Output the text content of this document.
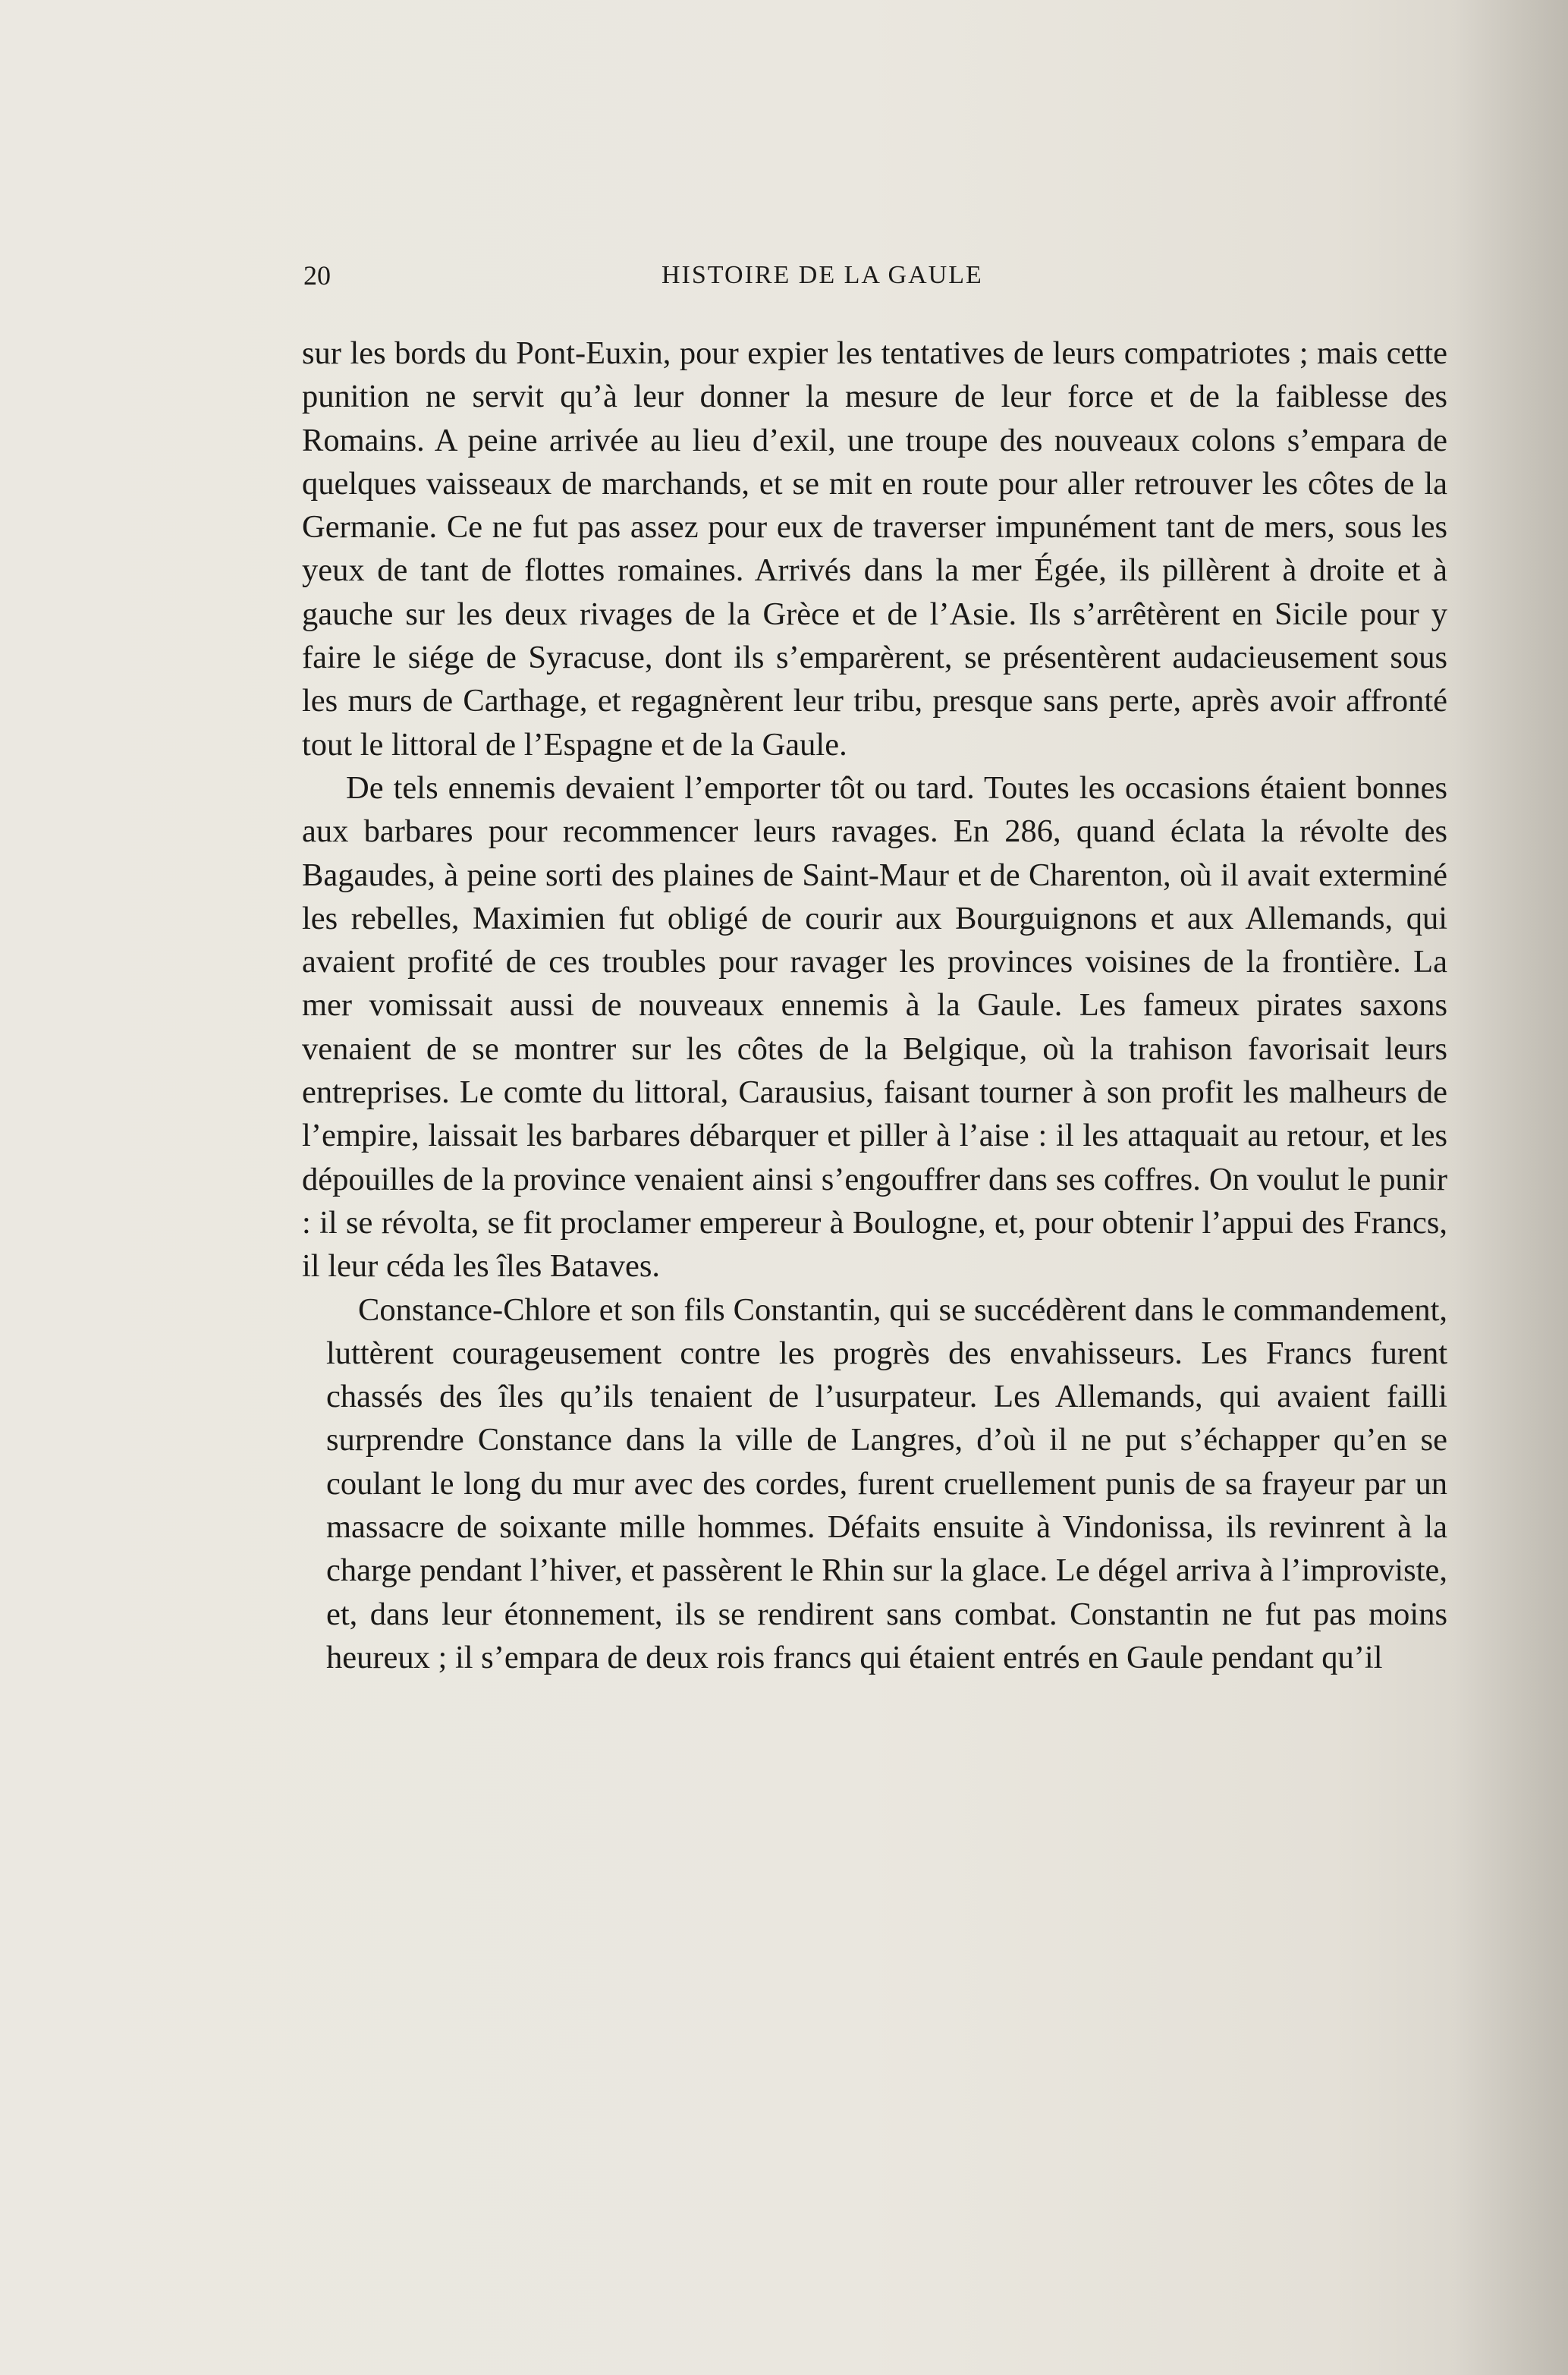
20	HISTOIRE DE LA GAULE

sur les bords du Pont-Euxin, pour expier les tentatives de leurs compatriotes ; mais cette punition ne servit qu’à leur donner la mesure de leur force et de la faiblesse des Romains. A peine arrivée au lieu d’exil, une troupe des nouveaux colons s’empara de quelques vaisseaux de marchands, et se mit en route pour aller retrouver les côtes de la Germanie. Ce ne fut pas assez pour eux de traverser impunément tant de mers, sous les yeux de tant de flottes romaines. Arrivés dans la mer Égée, ils pillèrent à droite et à gauche sur les deux rivages de la Grèce et de l’Asie. Ils s’arrêtèrent en Sicile pour y faire le siége de Syracuse, dont ils s’emparèrent, se présentèrent audacieusement sous les murs de Carthage, et regagnèrent leur tribu, presque sans perte, après avoir affronté tout le littoral de l’Espagne et de la Gaule.

De tels ennemis devaient l’emporter tôt ou tard. Toutes les occasions étaient bonnes aux barbares pour recommencer leurs ravages. En 286, quand éclata la révolte des Bagaudes, à peine sorti des plaines de Saint-Maur et de Charenton, où il avait exterminé les rebelles, Maximien fut obligé de courir aux Bourguignons et aux Allemands, qui avaient profité de ces troubles pour ravager les provinces voisines de la frontière. La mer vomissait aussi de nouveaux ennemis à la Gaule. Les fameux pirates saxons venaient de se montrer sur les côtes de la Belgique, où la trahison favorisait leurs entreprises. Le comte du littoral, Carausius, faisant tourner à son profit les malheurs de l’empire, laissait les barbares débarquer et piller à l’aise : il les attaquait au retour, et les dépouilles de la province venaient ainsi s’engouffrer dans ses coffres. On voulut le punir : il se révolta, se fit proclamer empereur à Boulogne, et, pour obtenir l’appui des Francs, il leur céda les îles Bataves.

Constance-Chlore et son fils Constantin, qui se succédèrent dans le commandement, luttèrent courageusement contre les progrès des envahisseurs. Les Francs furent chassés des îles qu’ils tenaient de l’usurpateur. Les Allemands, qui avaient failli surprendre Constance dans la ville de Langres, d’où il ne put s’échapper qu’en se coulant le long du mur avec des cordes, furent cruellement punis de sa frayeur par un massacre de soixante mille hommes. Défaits ensuite à Vindonissa, ils revinrent à la charge pendant l’hiver, et passèrent le Rhin sur la glace. Le dégel arriva à l’improviste, et, dans leur étonnement, ils se rendirent sans combat. Constantin ne fut pas moins heureux ; il s’empara de deux rois francs qui étaient entrés en Gaule pendant qu’il
